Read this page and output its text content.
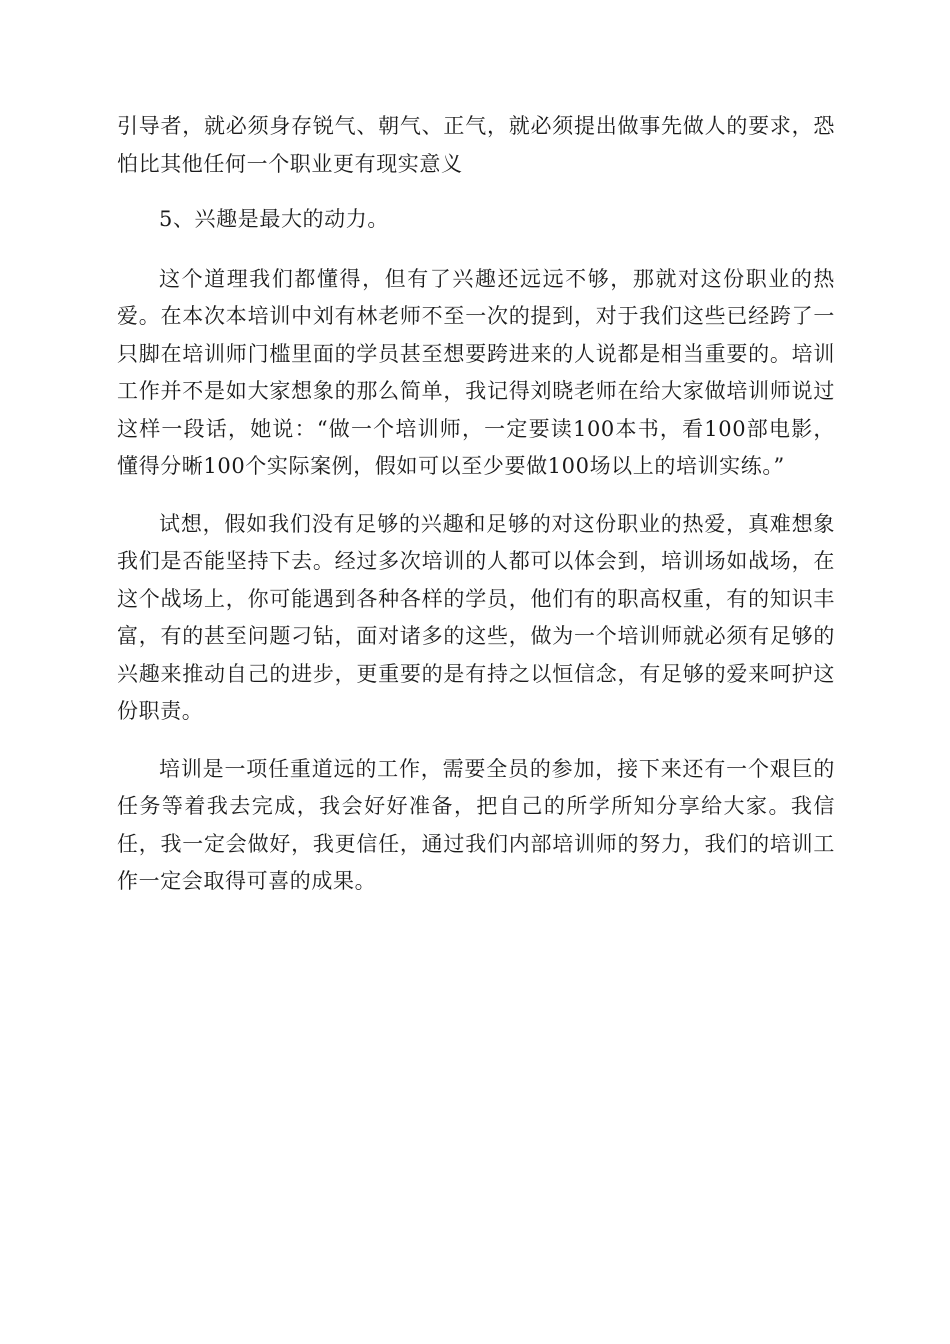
引导者，就必须身存锐气、朝气、正气，就必须提出做事先做人的要求，恐怕比其他任何一个职业更有现实意义

5、兴趣是最大的动力。

这个道理我们都懂得，但有了兴趣还远远不够，那就对这份职业的热爱。在本次本培训中刘有林老师不至一次的提到，对于我们这些已经跨了一只脚在培训师门槛里面的学员甚至想要跨进来的人说都是相当重要的。培训工作并不是如大家想象的那么简单，我记得刘晓老师在给大家做培训师说过这样一段话，她说：“做一个培训师，一定要读100本书，看100部电影，懂得分晰100个实际案例，假如可以至少要做100场以上的培训实练。”

试想，假如我们没有足够的兴趣和足够的对这份职业的热爱，真难想象我们是否能坚持下去。经过多次培训的人都可以体会到，培训场如战场，在这个战场上，你可能遇到各种各样的学员，他们有的职高权重，有的知识丰富，有的甚至问题刁钻，面对诸多的这些，做为一个培训师就必须有足够的兴趣来推动自己的进步，更重要的是有持之以恒信念，有足够的爱来呵护这份职责。

培训是一项任重道远的工作，需要全员的参加，接下来还有一个艰巨的任务等着我去完成，我会好好准备，把自己的所学所知分享给大家。我信任，我一定会做好，我更信任，通过我们内部培训师的努力，我们的培训工作一定会取得可喜的成果。
